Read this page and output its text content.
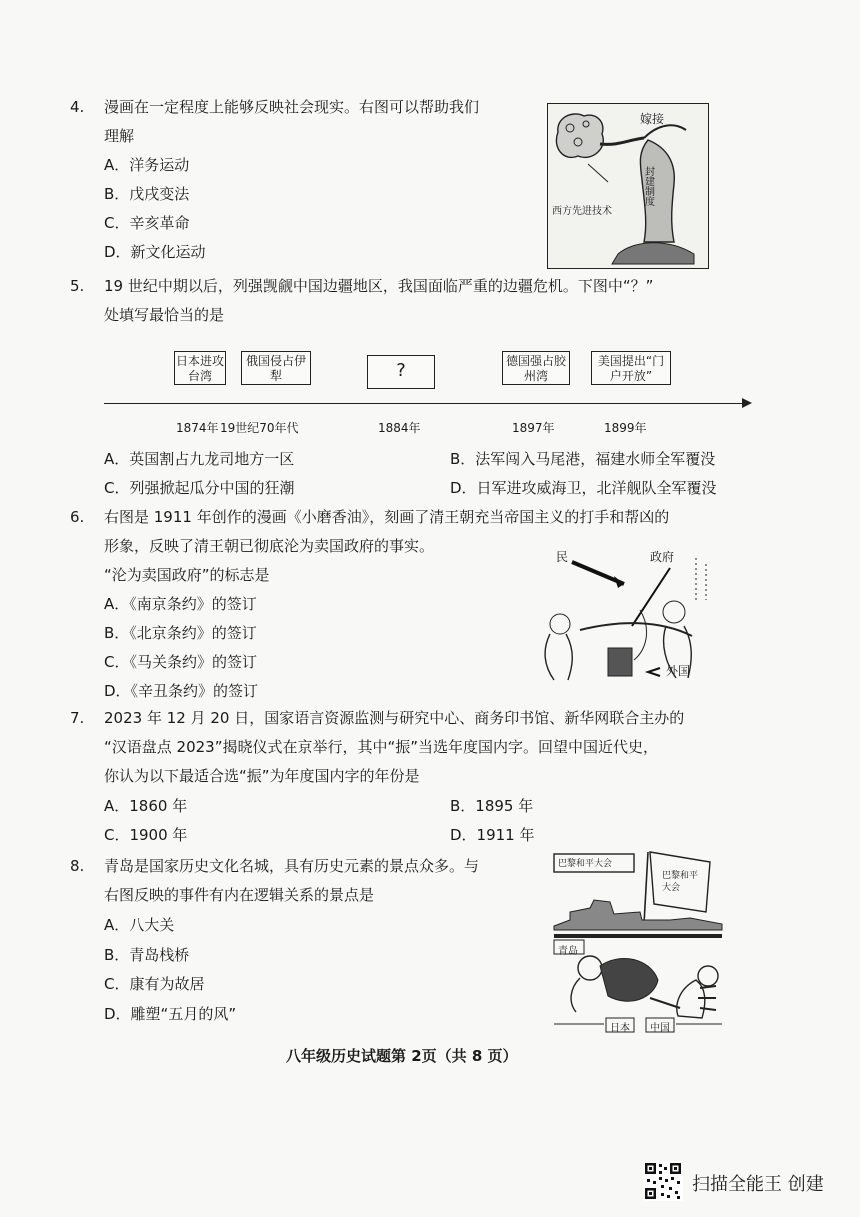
4. 漫画在一定程度上能够反映社会现实。右图可以帮助我们
理解
A．洋务运动
B．戊戌变法
C．辛亥革命
D．新文化运动
封建制度
嫁接
西方先进技术
5. 19 世纪中期以后，列强觊觎中国边疆地区，我国面临严重的边疆危机。下图中“？”
处填写最恰当的是
日本进攻台湾
俄国侵占伊犁	?	德国强占胶州湾
美国提出“门户开放”
1874年 19世纪70年代	1884年	1897年	1899年
A．英国割占九龙司地方一区	B．法军闯入马尾港，福建水师全军覆没
C．列强掀起瓜分中国的狂潮	D．日军进攻威海卫，北洋舰队全军覆没
6. 右图是 1911 年创作的漫画《小磨香油》，刻画了清王朝充当帝国主义的打手和帮凶的
形象，反映了清王朝已彻底沦为卖国政府的事实。
“沦为卖国政府”的标志是
A．《南京条约》的签订
B．《北京条约》的签订
C．《马关条约》的签订
D．《辛丑条约》的签订
民	政府
外国
7. 2023 年 12 月 20 日，国家语言资源监测与研究中心、商务印书馆、新华网联合主办的
“汉语盘点 2023”揭晓仪式在京举行，其中“振”当选年度国内字。回望中国近代史，
你认为以下最适合选“振”为年度国内字的年份是
A．1860 年	B．1895 年
C．1900 年	D．1911 年
8. 青岛是国家历史文化名城，具有历史元素的景点众多。与
右图反映的事件有内在逻辑关系的景点是
A．八大关
B．青岛栈桥
C．康有为故居
D．雕塑“五月的风”
巴黎和平大会
巴黎和平大会
青岛
日本 中国
八年级历史试题第 2页（共 8 页）
扫描全能王 创建
